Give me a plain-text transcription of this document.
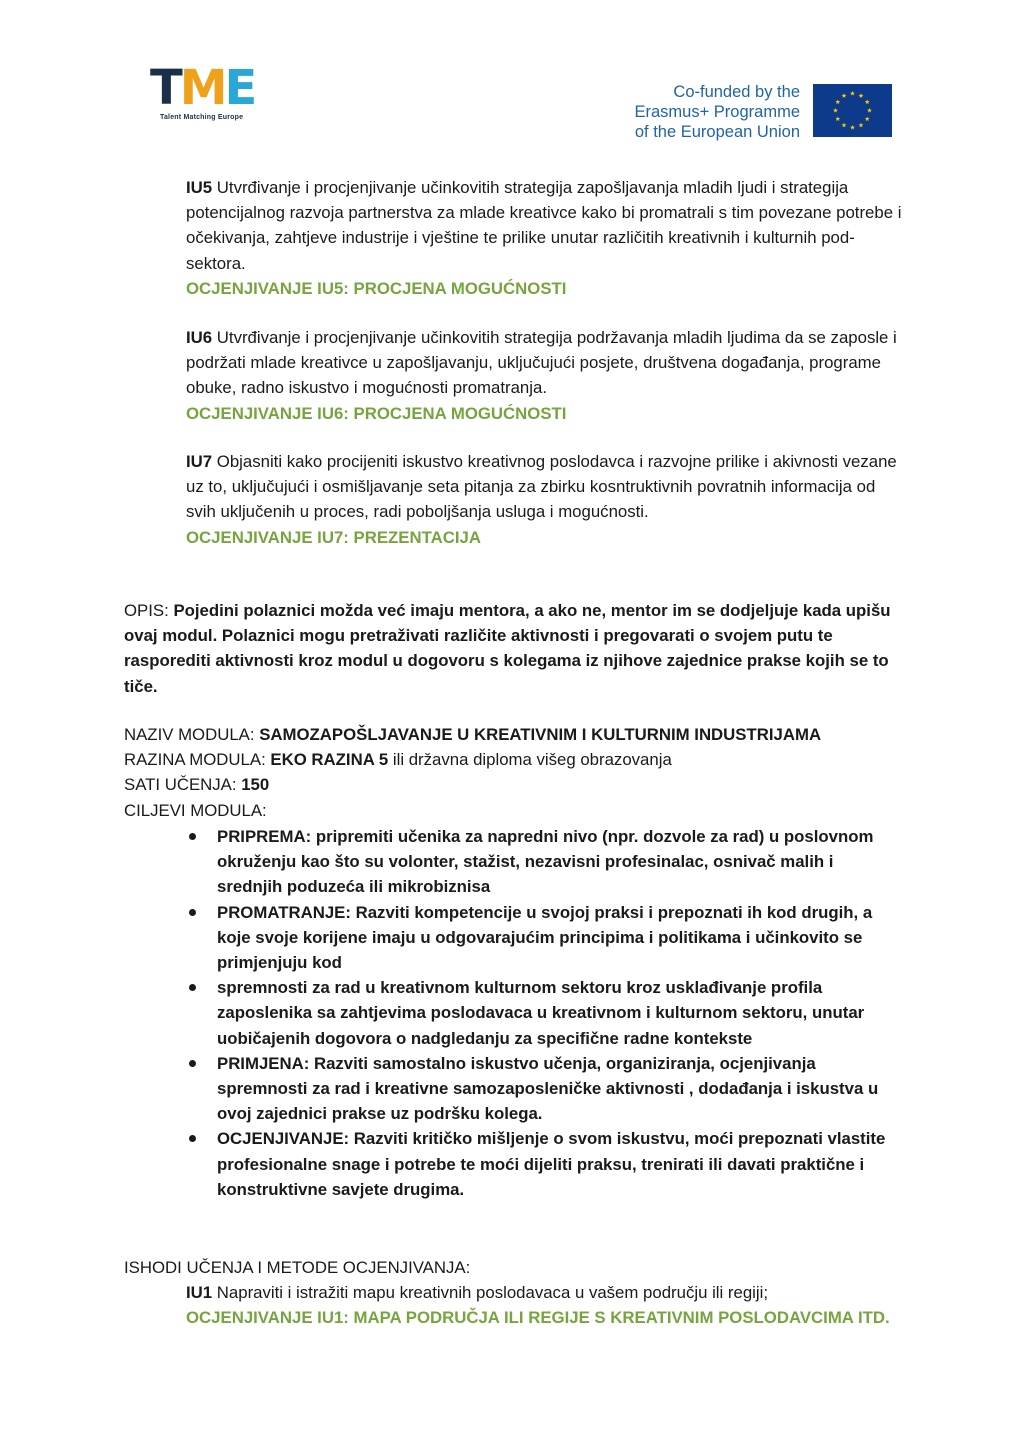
TME
Talent Matching Europe
Co-funded by the
Erasmus+ Programme
of the European Union
IU5 Utvrđivanje i procjenjivanje učinkovitih strategija zapošljavanja mladih ljudi i strategija potencijalnog razvoja partnerstva za mlade kreativce kako bi promatrali s tim povezane potrebe i očekivanja, zahtjeve industrije i vještine te prilike unutar različitih kreativnih i kulturnih pod- sektora.
OCJENJIVANJE IU5: PROCJENA MOGUĆNOSTI
IU6 Utvrđivanje i procjenjivanje učinkovitih strategija podržavanja mladih ljudima da se zaposle i podržati mlade kreativce u zapošljavanju, uključujući posjete, društvena događanja, programe obuke, radno iskustvo i mogućnosti promatranja.
OCJENJIVANJE IU6: PROCJENA MOGUĆNOSTI
IU7 Objasniti kako procijeniti iskustvo kreativnog poslodavca i razvojne prilike i akivnosti vezane uz to, uključujući i osmišljavanje seta pitanja za zbirku kosntruktivnih povratnih informacija od svih uključenih u proces, radi poboljšanja usluga i mogućnosti.
OCJENJIVANJE IU7: PREZENTACIJA
OPIS: Pojedini polaznici možda već imaju mentora, a ako ne, mentor im se dodjeljuje kada upišu ovaj modul. Polaznici mogu pretraživati različite aktivnosti i pregovarati o svojem putu te rasporediti aktivnosti kroz modul u dogovoru s kolegama iz njihove zajednice prakse kojih se to tiče.
NAZIV MODULA: SAMOZAPOŠLJAVANJE U KREATIVNIM I KULTURNIM INDUSTRIJAMA
RAZINA MODULA: EKO RAZINA 5 ili državna diploma višeg obrazovanja
SATI UČENJA: 150
CILJEVI MODULA:
PRIPREMA: pripremiti učenika za napredni nivo (npr. dozvole za rad) u poslovnom okruženju kao što su volonter, stažist, nezavisni profesinalac, osnivač malih i srednjih poduzeća ili mikrobiznisa
PROMATRANJE: Razviti kompetencije u svojoj praksi i prepoznati ih kod drugih, a koje svoje korijene imaju u odgovarajućim principima i politikama i učinkovito se primjenjuju kod
spremnosti za rad u kreativnom kulturnom sektoru kroz usklađivanje profila zaposlenika sa zahtjevima poslodavaca u kreativnom i kulturnom sektoru, unutar uobičajenih dogovora o nadgledanju za specifične radne kontekste
PRIMJENA: Razviti samostalno iskustvo učenja, organiziranja, ocjenjivanja spremnosti za rad i kreativne samozaposleničke aktivnosti , dodađanja i iskustva u ovoj zajednici prakse uz podršku kolega.
OCJENJIVANJE: Razviti kritičko mišljenje o svom iskustvu, moći prepoznati vlastite profesionalne snage i potrebe te moći dijeliti praksu, trenirati ili davati praktične i konstruktivne savjete drugima.
ISHODI UČENJA I METODE OCJENJIVANJA:
IU1 Napraviti i istražiti mapu kreativnih poslodavaca u vašem području ili regiji;
OCJENJIVANJE IU1: MAPA PODRUČJA ILI REGIJE S KREATIVNIM POSLODAVCIMA ITD.
